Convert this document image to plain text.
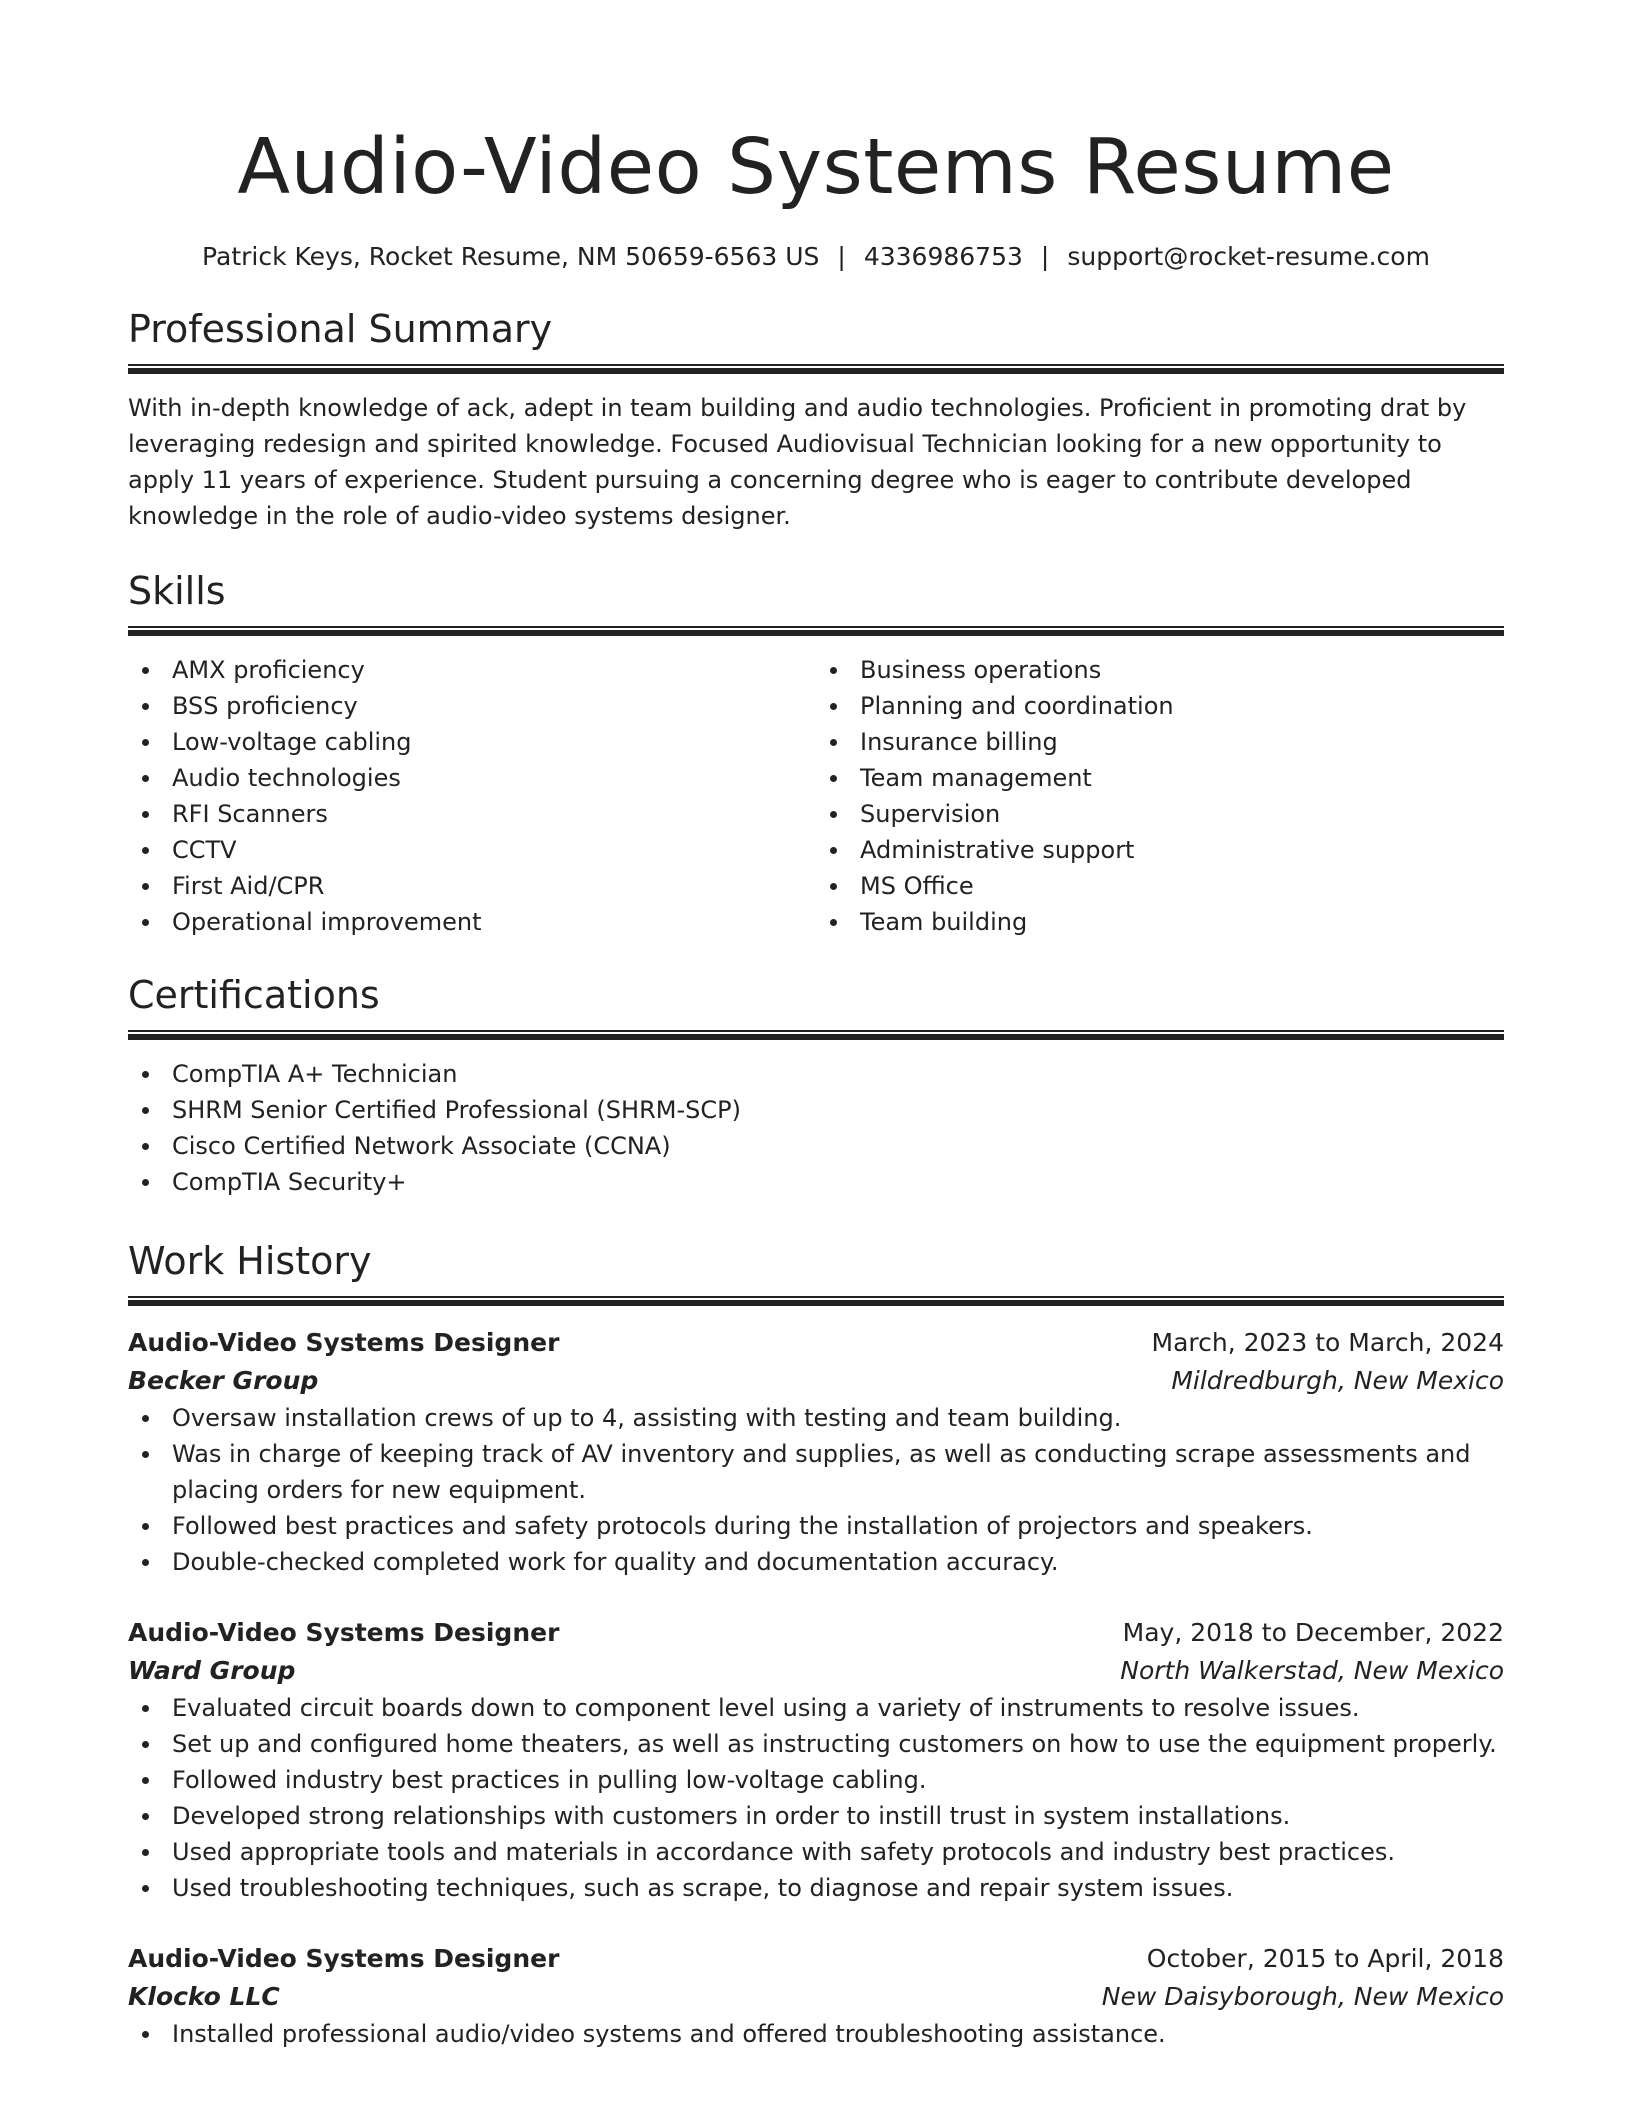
Audio-Video Systems Resume
Patrick Keys, Rocket Resume, NM 50659-6563 US | 4336986753 | support@rocket-resume.com
Professional Summary

With in-depth knowledge of ack, adept in team building and audio technologies. Proficient in promoting drat by leveraging redesign and spirited knowledge. Focused Audiovisual Technician looking for a new opportunity to apply 11 years of experience. Student pursuing a concerning degree who is eager to contribute developed knowledge in the role of audio-video systems designer.

Skills
AMX proficiency
BSS proficiency
Low-voltage cabling
Audio technologies
RFI Scanners
CCTV
First Aid/CPR
Operational improvement
Business operations
Planning and coordination
Insurance billing
Team management
Supervision
Administrative support
MS Office
Team building
Certifications
CompTIA A+ Technician
SHRM Senior Certified Professional (SHRM-SCP)
Cisco Certified Network Associate (CCNA)
CompTIA Security+
Work History
Audio-Video Systems Designer	March, 2023 to March, 2024
Becker Group	Mildredburgh, New Mexico
Oversaw installation crews of up to 4, assisting with testing and team building.
Was in charge of keeping track of AV inventory and supplies, as well as conducting scrape assessments and placing orders for new equipment.
Followed best practices and safety protocols during the installation of projectors and speakers.
Double-checked completed work for quality and documentation accuracy.
Audio-Video Systems Designer	May, 2018 to December, 2022
Ward Group	North Walkerstad, New Mexico
Evaluated circuit boards down to component level using a variety of instruments to resolve issues.
Set up and configured home theaters, as well as instructing customers on how to use the equipment properly.
Followed industry best practices in pulling low-voltage cabling.
Developed strong relationships with customers in order to instill trust in system installations.
Used appropriate tools and materials in accordance with safety protocols and industry best practices.
Used troubleshooting techniques, such as scrape, to diagnose and repair system issues.
Audio-Video Systems Designer	October, 2015 to April, 2018
Klocko LLC	New Daisyborough, New Mexico
Installed professional audio/video systems and offered troubleshooting assistance.
